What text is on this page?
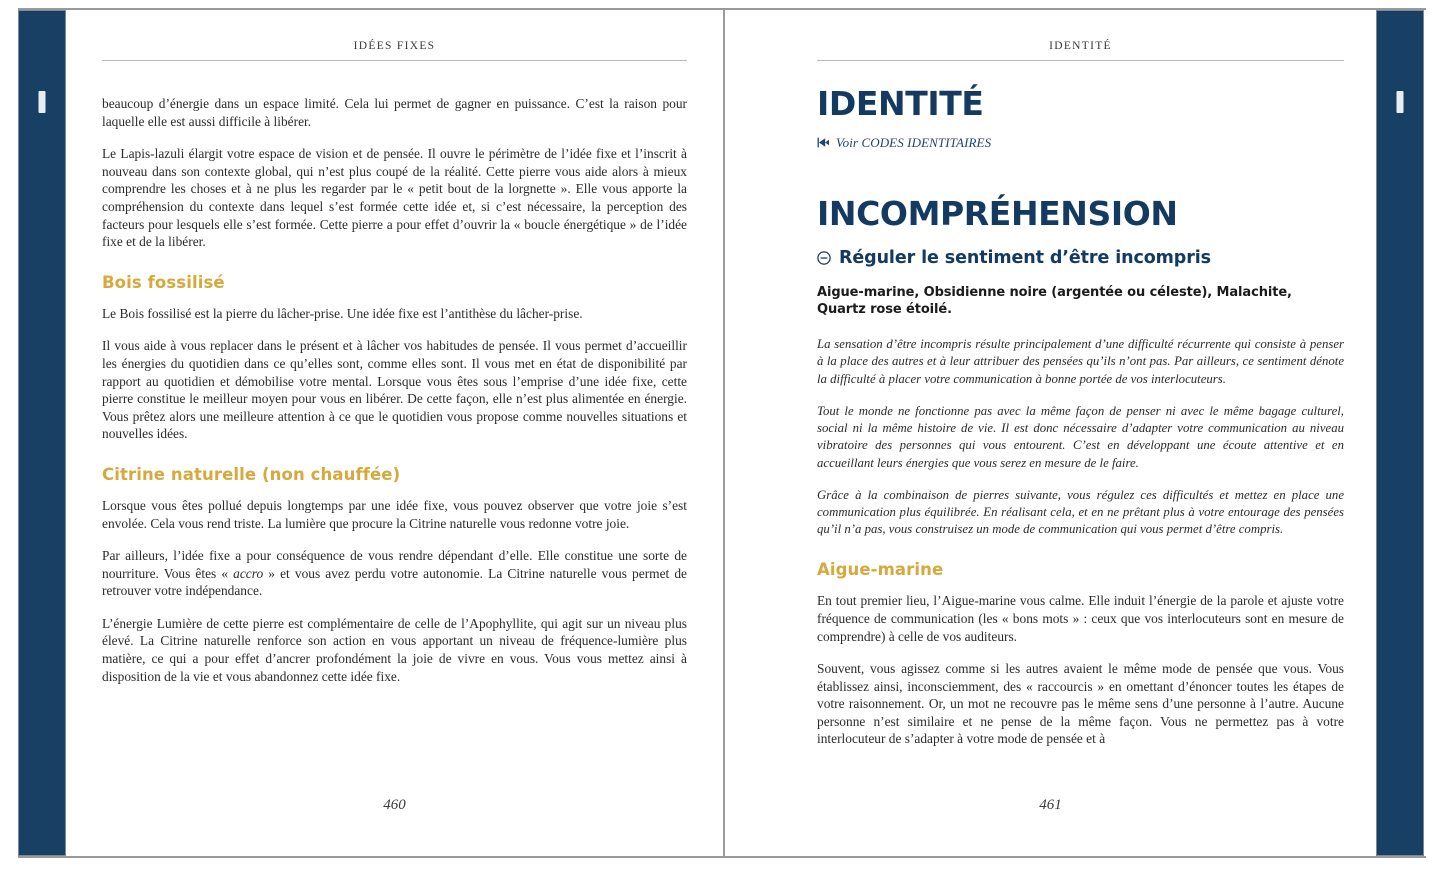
IDÉES FIXES

beaucoup d’énergie dans un espace limité. Cela lui permet de gagner en puissance. C’est la raison pour laquelle elle est aussi difficile à libérer.

Le Lapis-lazuli élargit votre espace de vision et de pensée. Il ouvre le périmètre de l’idée fixe et l’inscrit à nouveau dans son contexte global, qui n’est plus coupé de la réalité. Cette pierre vous aide alors à mieux comprendre les choses et à ne plus les regarder par le « petit bout de la lorgnette ». Elle vous apporte la compréhension du contexte dans lequel s’est formée cette idée et, si c’est nécessaire, la perception des facteurs pour lesquels elle s’est formée. Cette pierre a pour effet d’ouvrir la « boucle énergétique » de l’idée fixe et de la libérer.

Bois fossilisé

Le Bois fossilisé est la pierre du lâcher-prise. Une idée fixe est l’antithèse du lâcher-prise.

Il vous aide à vous replacer dans le présent et à lâcher vos habitudes de pensée. Il vous permet d’accueillir les énergies du quotidien dans ce qu’elles sont, comme elles sont. Il vous met en état de disponibilité par rapport au quotidien et démobilise votre mental. Lorsque vous êtes sous l’emprise d’une idée fixe, cette pierre constitue le meilleur moyen pour vous en libérer. De cette façon, elle n’est plus alimentée en énergie. Vous prêtez alors une meilleure attention à ce que le quotidien vous propose comme nouvelles situations et nouvelles idées.

Citrine naturelle (non chauffée)

Lorsque vous êtes pollué depuis longtemps par une idée fixe, vous pouvez observer que votre joie s’est envolée. Cela vous rend triste. La lumière que procure la Citrine naturelle vous redonne votre joie.

Par ailleurs, l’idée fixe a pour conséquence de vous rendre dépendant d’elle. Elle constitue une sorte de nourriture. Vous êtes « accro » et vous avez perdu votre autonomie. La Citrine naturelle vous permet de retrouver votre indépendance.

L’énergie Lumière de cette pierre est complémentaire de celle de l’Apophyllite, qui agit sur un niveau plus élevé. La Citrine naturelle renforce son action en vous apportant un niveau de fréquence-lumière plus matière, ce qui a pour effet d’ancrer profondément la joie de vivre en vous. Vous vous mettez ainsi à disposition de la vie et vous abandonnez cette idée fixe.

460
IDENTITÉ
IDENTITÉ
Voir CODES IDENTITAIRES
INCOMPRÉHENSION
Réguler le sentiment d’être incompris

Aigue-marine, Obsidienne noire (argentée ou céleste), Malachite, Quartz rose étoilé.

La sensation d’être incompris résulte principalement d’une difficulté récurrente qui consiste à penser à la place des autres et à leur attribuer des pensées qu’ils n’ont pas. Par ailleurs, ce sentiment dénote la difficulté à placer votre communication à bonne portée de vos interlocuteurs.

Tout le monde ne fonctionne pas avec la même façon de penser ni avec le même bagage culturel, social ni la même histoire de vie. Il est donc nécessaire d’adapter votre communication au niveau vibratoire des personnes qui vous entourent. C’est en développant une écoute attentive et en accueillant leurs énergies que vous serez en mesure de le faire.

Grâce à la combinaison de pierres suivante, vous régulez ces difficultés et mettez en place une communication plus équilibrée. En réalisant cela, et en ne prêtant plus à votre entourage des pensées qu’il n’a pas, vous construisez un mode de communication qui vous permet d’être compris.

Aigue-marine

En tout premier lieu, l’Aigue-marine vous calme. Elle induit l’énergie de la parole et ajuste votre fréquence de communication (les « bons mots » : ceux que vos interlocuteurs sont en mesure de comprendre) à celle de vos auditeurs.

Souvent, vous agissez comme si les autres avaient le même mode de pensée que vous. Vous établissez ainsi, inconsciemment, des « raccourcis » en omettant d’énoncer toutes les étapes de votre raisonnement. Or, un mot ne recouvre pas le même sens d’une personne à l’autre. Aucune personne n’est similaire et ne pense de la même façon. Vous ne permettez pas à votre interlocuteur de s’adapter à votre mode de pensée et à

461
